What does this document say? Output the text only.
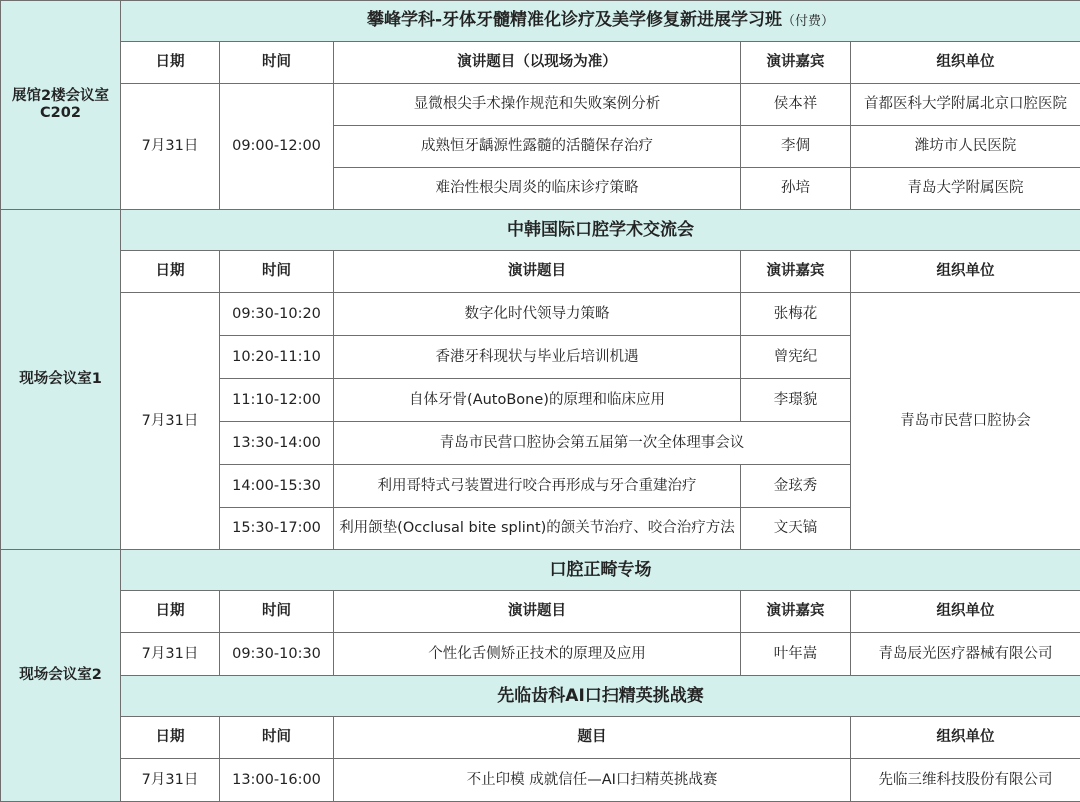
展馆2楼会议室
C202	攀峰学科-牙体牙髓精准化诊疗及美学修复新进展学习班（付费）				
	日期	时间	演讲题目（以现场为准）	演讲嘉宾	组织单位
	7月31日	09:00-12:00	显微根尖手术操作规范和失败案例分析	侯本祥	首都医科大学附属北京口腔医院
			成熟恒牙龋源性露髓的活髓保存治疗	李倜	潍坊市人民医院
			难治性根尖周炎的临床诊疗策略	孙培	青岛大学附属医院
现场会议室1	中韩国际口腔学术交流会				
	日期	时间	演讲题目	演讲嘉宾	组织单位
	7月31日	09:30-10:20	数字化时代领导力策略	张梅花	青岛市民营口腔协会
		10:20-11:10	香港牙科现状与毕业后培训机遇	曾宪纪	
		11:10-12:00	自体牙骨(AutoBone)的原理和临床应用	李璟貌	
		13:30-14:00	青岛市民营口腔协会第五届第一次全体理事会议		
		14:00-15:30	利用哥特式弓装置进行咬合再形成与牙合重建治疗	金玹秀	
		15:30-17:00	利用颌垫(Occlusal bite splint)的颌关节治疗、咬合治疗方法	文天镐	
现场会议室2	口腔正畸专场				
	日期	时间	演讲题目	演讲嘉宾	组织单位
	7月31日	09:30-10:30	个性化舌侧矫正技术的原理及应用	叶年嵩	青岛辰光医疗器械有限公司
	先临齿科AI口扫精英挑战赛				
	日期	时间	题目		组织单位
	7月31日	13:00-16:00	不止印模 成就信任—AI口扫精英挑战赛		先临三维科技股份有限公司
